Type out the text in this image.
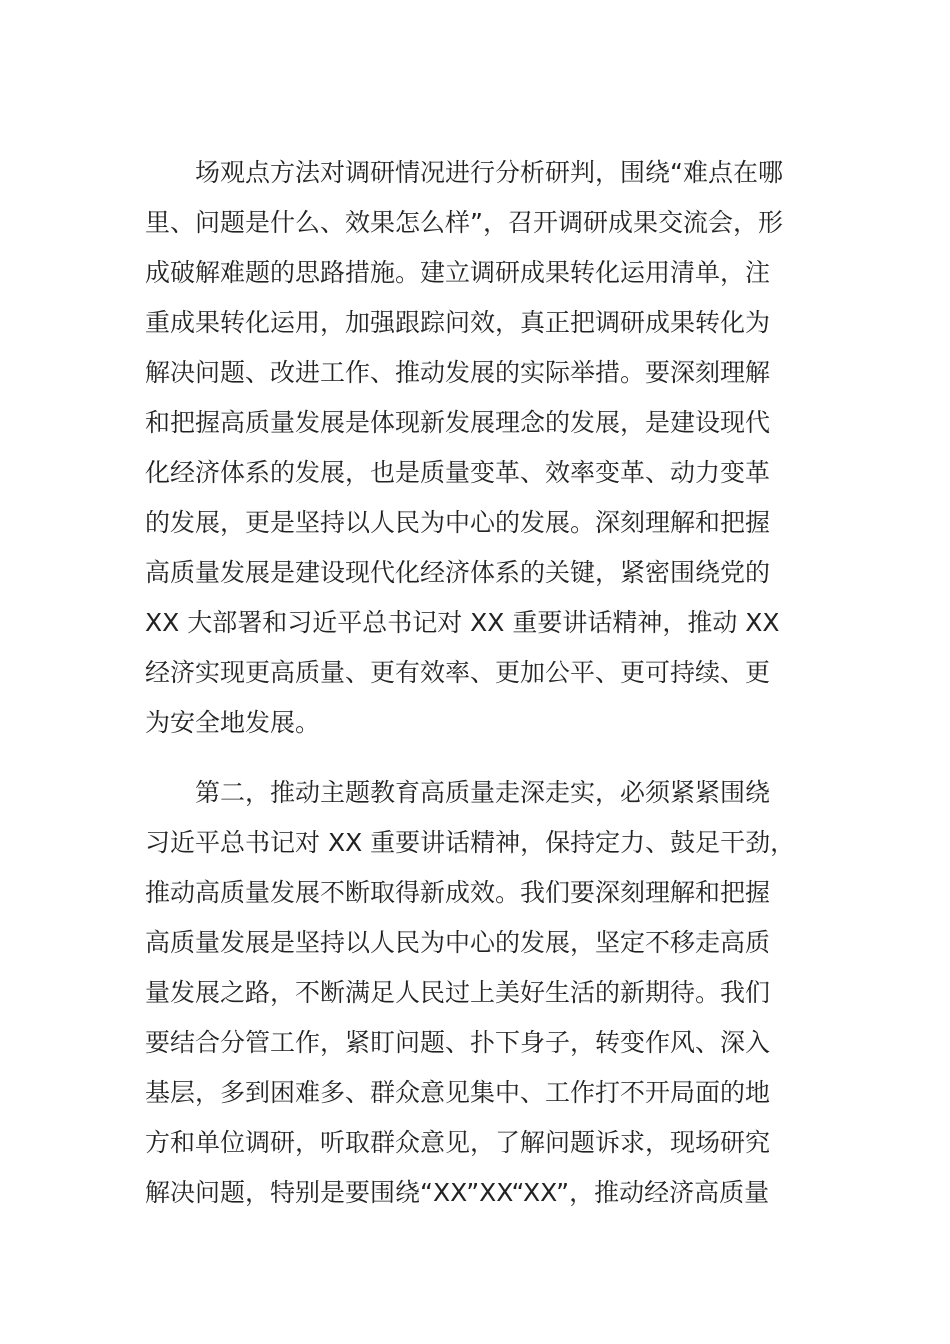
场观点方法对调研情况进行分析研判，围绕“难点在哪
里、问题是什么、效果怎么样”，召开调研成果交流会，形
成破解难题的思路措施。建立调研成果转化运用清单，注
重成果转化运用，加强跟踪问效，真正把调研成果转化为
解决问题、改进工作、推动发展的实际举措。要深刻理解
和把握高质量发展是体现新发展理念的发展，是建设现代
化经济体系的发展，也是质量变革、效率变革、动力变革
的发展，更是坚持以人民为中心的发展。深刻理解和把握
高质量发展是建设现代化经济体系的关键，紧密围绕党的
XX 大部署和习近平总书记对 XX 重要讲话精神，推动 XX
经济实现更高质量、更有效率、更加公平、更可持续、更
为安全地发展。
第二，推动主题教育高质量走深走实，必须紧紧围绕
习近平总书记对 XX 重要讲话精神，保持定力、鼓足干劲，
推动高质量发展不断取得新成效。我们要深刻理解和把握
高质量发展是坚持以人民为中心的发展，坚定不移走高质
量发展之路，不断满足人民过上美好生活的新期待。我们
要结合分管工作，紧盯问题、扑下身子，转变作风、深入
基层，多到困难多、群众意见集中、工作打不开局面的地
方和单位调研，听取群众意见，了解问题诉求，现场研究
解决问题，特别是要围绕“XX”XX“XX”，推动经济高质量
